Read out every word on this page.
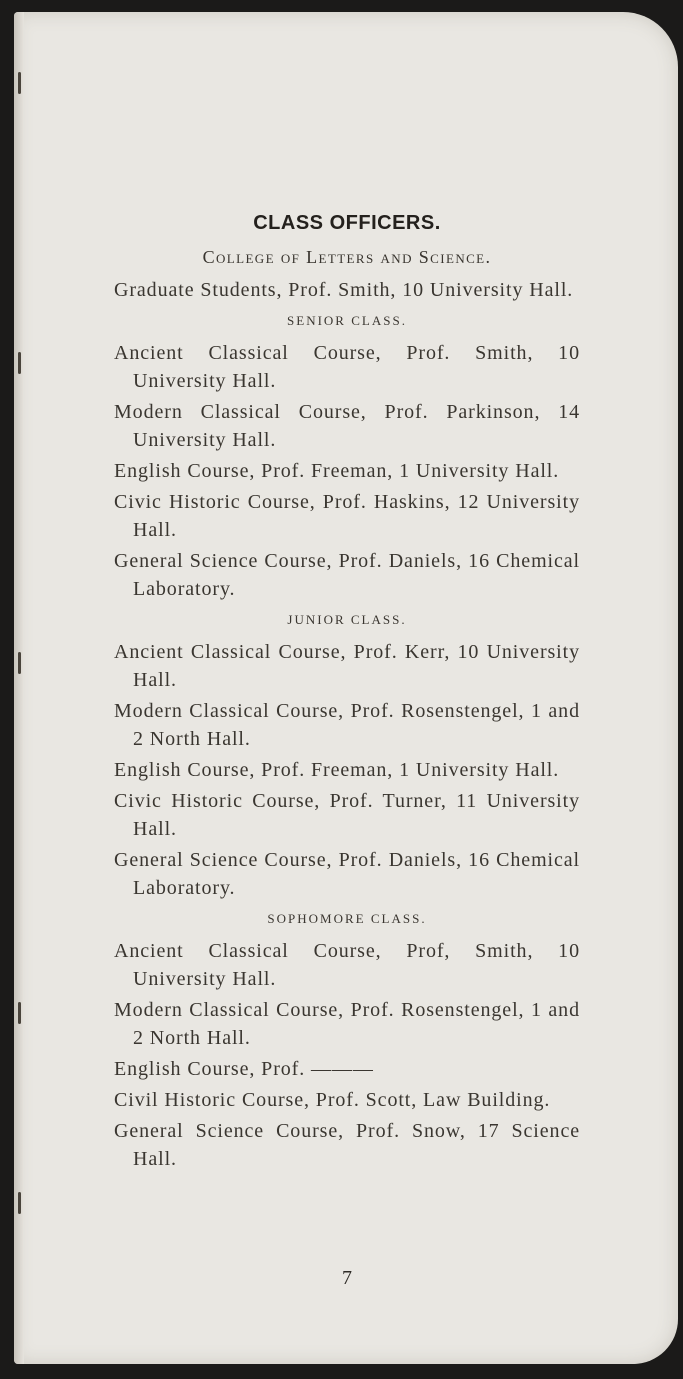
CLASS OFFICERS.
College of Letters and Science.

Graduate Students, Prof. Smith, 10 University Hall.

SENIOR CLASS.

Ancient Classical Course, Prof. Smith, 10 University Hall.

Modern Classical Course, Prof. Parkinson, 14 University Hall.

English Course, Prof. Freeman, 1 University Hall.

Civic Historic Course, Prof. Haskins, 12 University Hall.

General Science Course, Prof. Daniels, 16 Chemical Laboratory.

JUNIOR CLASS.

Ancient Classical Course, Prof. Kerr, 10 University Hall.

Modern Classical Course, Prof. Rosenstengel, 1 and 2 North Hall.

English Course, Prof. Freeman, 1 University Hall.

Civic Historic Course, Prof. Turner, 11 University Hall.

General Science Course, Prof. Daniels, 16 Chemical Laboratory.

SOPHOMORE CLASS.

Ancient Classical Course, Prof, Smith, 10 University Hall.

Modern Classical Course, Prof. Rosenstengel, 1 and 2 North Hall.

English Course, Prof. ———

Civil Historic Course, Prof. Scott, Law Building.

General Science Course, Prof. Snow, 17 Science Hall.

7
